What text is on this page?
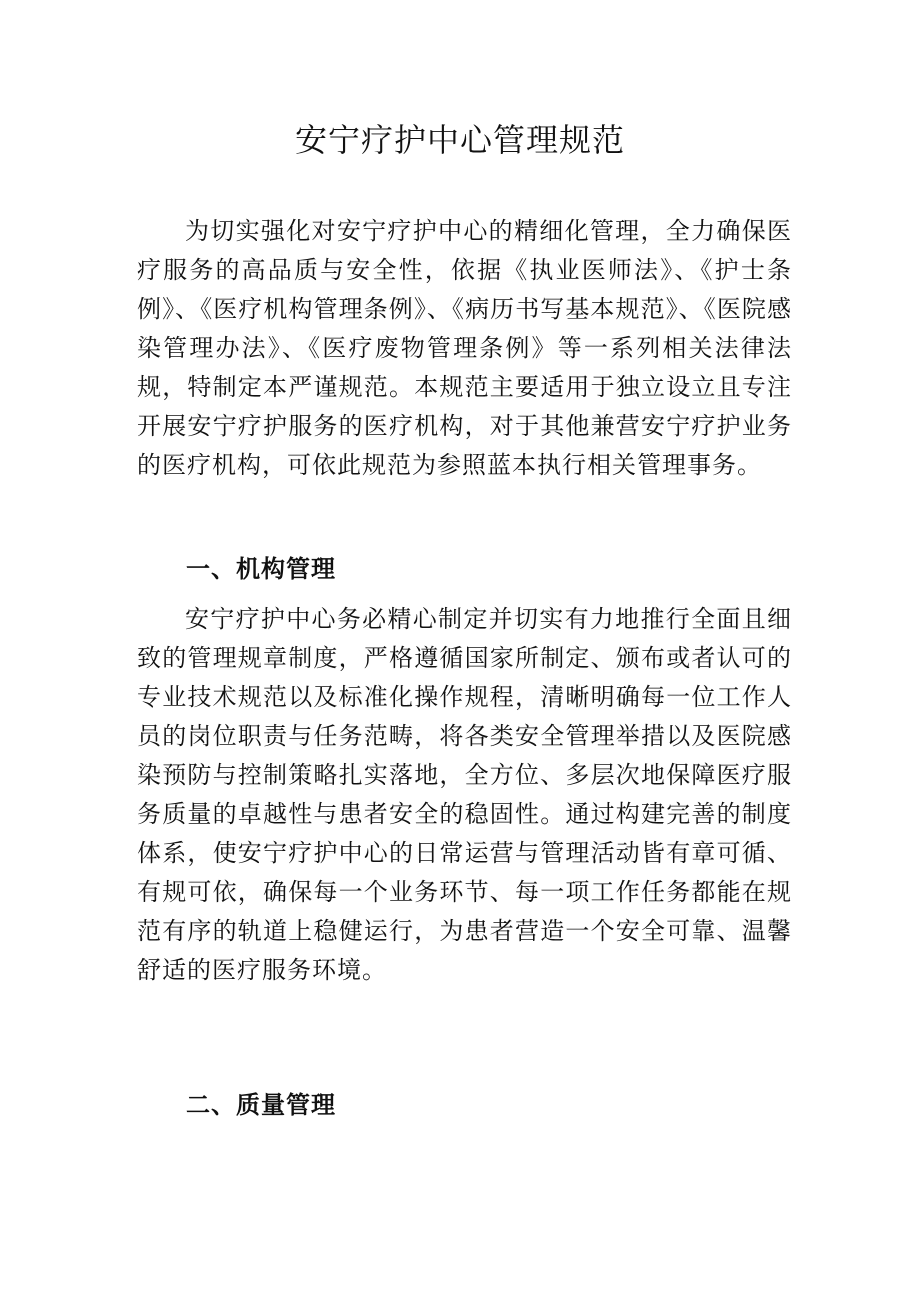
安宁疗护中心管理规范

为切实强化对安宁疗护中心的精细化管理，全力确保医疗服务的高品质与安全性，依据《执业医师法》、《护士条例》、《医疗机构管理条例》、《病历书写基本规范》、《医院感染管理办法》、《医疗废物管理条例》等一系列相关法律法规，特制定本严谨规范。本规范主要适用于独立设立且专注开展安宁疗护服务的医疗机构，对于其他兼营安宁疗护业务的医疗机构，可依此规范为参照蓝本执行相关管理事务。

一、机构管理

安宁疗护中心务必精心制定并切实有力地推行全面且细致的管理规章制度，严格遵循国家所制定、颁布或者认可的专业技术规范以及标准化操作规程，清晰明确每一位工作人员的岗位职责与任务范畴，将各类安全管理举措以及医院感染预防与控制策略扎实落地，全方位、多层次地保障医疗服务质量的卓越性与患者安全的稳固性。通过构建完善的制度体系，使安宁疗护中心的日常运营与管理活动皆有章可循、有规可依，确保每一个业务环节、每一项工作任务都能在规范有序的轨道上稳健运行，为患者营造一个安全可靠、温馨舒适的医疗服务环境。

二、质量管理
